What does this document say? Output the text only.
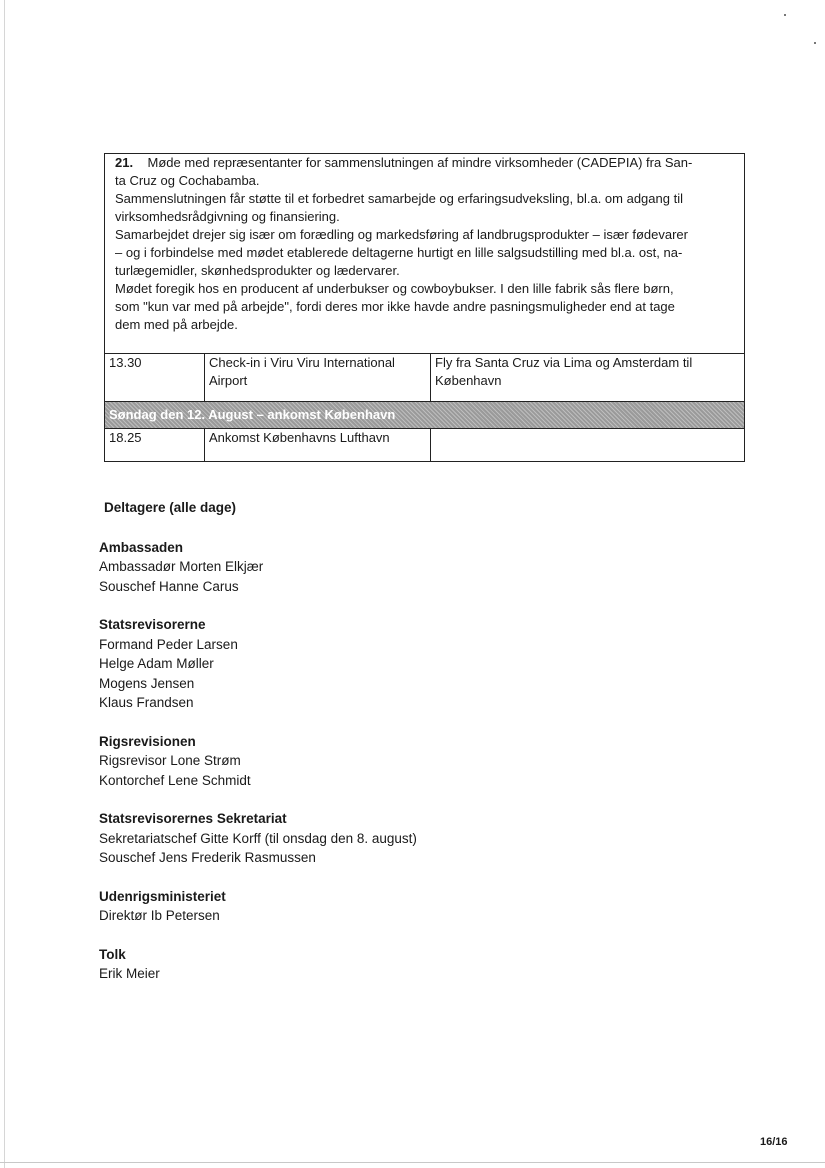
21. Møde med repræsentanter for sammenslutningen af mindre virksomheder (CADEPIA) fra San-

ta Cruz og Cochabamba.

Sammenslutningen får støtte til et forbedret samarbejde og erfaringsudveksling, bl.a. om adgang til

virksomhedsrådgivning og finansiering.

Samarbejdet drejer sig især om forædling og markedsføring af landbrugsprodukter – især fødevarer

– og i forbindelse med mødet etablerede deltagerne hurtigt en lille salgsudstilling med bl.a. ost, na-

turlægemidler, skønhedsprodukter og lædervarer.

Mødet foregik hos en producent af underbukser og cowboybukser. I den lille fabrik sås flere børn,

som "kun var med på arbejde", fordi deres mor ikke havde andre pasningsmuligheder end at tage

dem med på arbejde.

13.30	Check-in i Viru Viru International
Airport
Fly fra Santa Cruz via Lima og Amsterdam til
København
Søndag den 12. August – ankomst København
18.25	Ankomst Københavns Lufthavn
Deltagere (alle dage)
Ambassaden
Ambassadør Morten Elkjær
Souschef Hanne Carus
Statsrevisorerne
Formand Peder Larsen
Helge Adam Møller
Mogens Jensen
Klaus Frandsen
Rigsrevisionen
Rigsrevisor Lone Strøm
Kontorchef Lene Schmidt
Statsrevisorernes Sekretariat
Sekretariatschef Gitte Korff (til onsdag den 8. august)
Souschef Jens Frederik Rasmussen
Udenrigsministeriet
Direktør Ib Petersen
Tolk
Erik Meier
16/16
